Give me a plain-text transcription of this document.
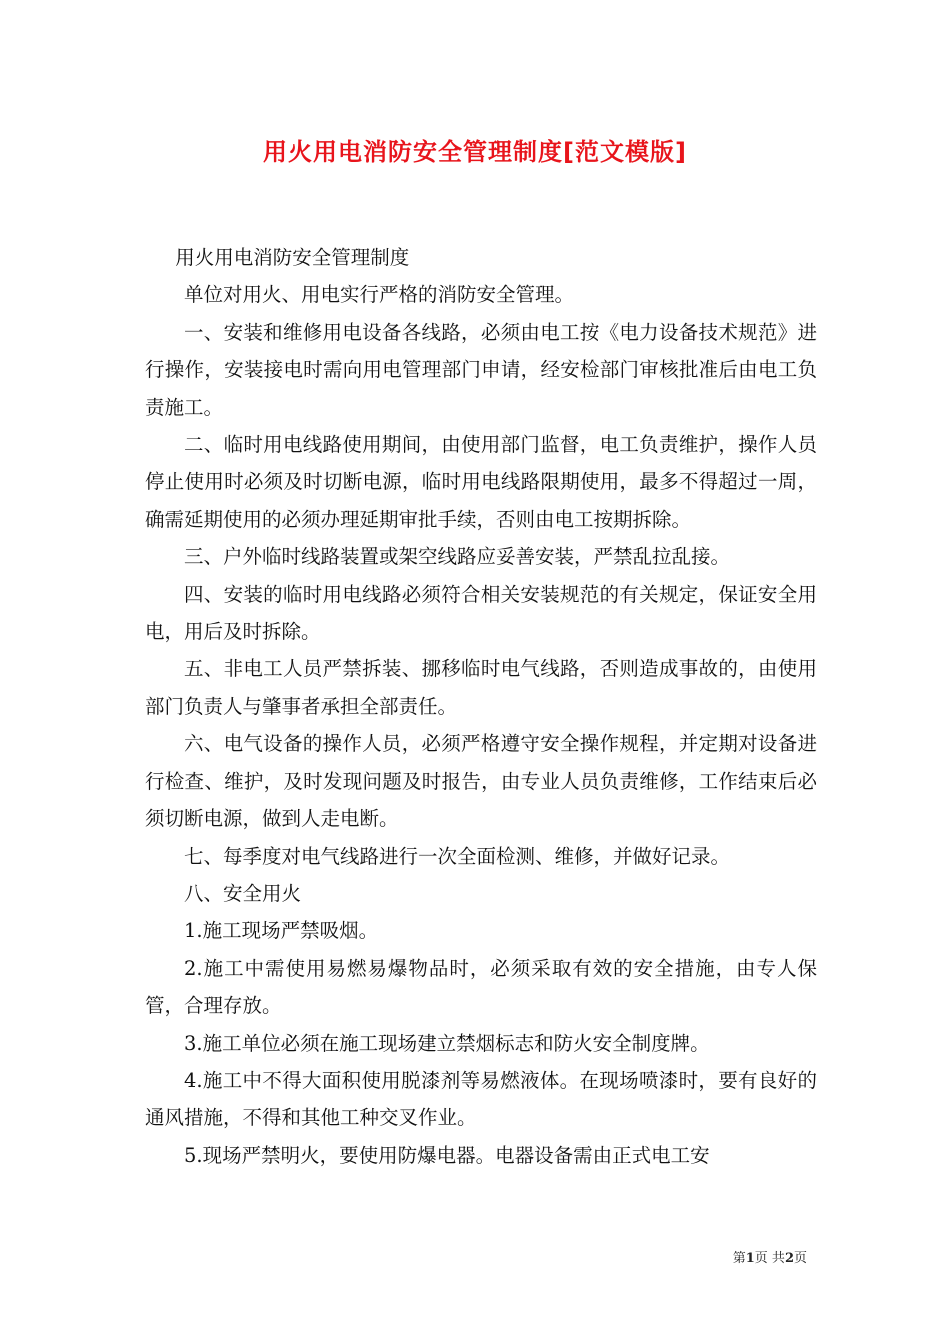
用火用电消防安全管理制度[范文模版]

用火用电消防安全管理制度

单位对用火、用电实行严格的消防安全管理。

一、安装和维修用电设备各线路，必须由电工按《电力设备技术规范》进行操作，安装接电时需向用电管理部门申请，经安检部门审核批准后由电工负责施工。

二、临时用电线路使用期间，由使用部门监督，电工负责维护，操作人员停止使用时必须及时切断电源，临时用电线路限期使用，最多不得超过一周，确需延期使用的必须办理延期审批手续，否则由电工按期拆除。

三、户外临时线路装置或架空线路应妥善安装，严禁乱拉乱接。

四、安装的临时用电线路必须符合相关安装规范的有关规定，保证安全用电，用后及时拆除。

五、非电工人员严禁拆装、挪移临时电气线路，否则造成事故的，由使用部门负责人与肇事者承担全部责任。

六、电气设备的操作人员，必须严格遵守安全操作规程，并定期对设备进行检查、维护，及时发现问题及时报告，由专业人员负责维修，工作结束后必须切断电源，做到人走电断。

七、每季度对电气线路进行一次全面检测、维修，并做好记录。

八、安全用火

1.施工现场严禁吸烟。

2.施工中需使用易燃易爆物品时，必须采取有效的安全措施，由专人保管，合理存放。

3.施工单位必须在施工现场建立禁烟标志和防火安全制度牌。

4.施工中不得大面积使用脱漆剂等易燃液体。在现场喷漆时，要有良好的通风措施，不得和其他工种交叉作业。

5.现场严禁明火，要使用防爆电器。电器设备需由正式电工安

第1页 共2页
